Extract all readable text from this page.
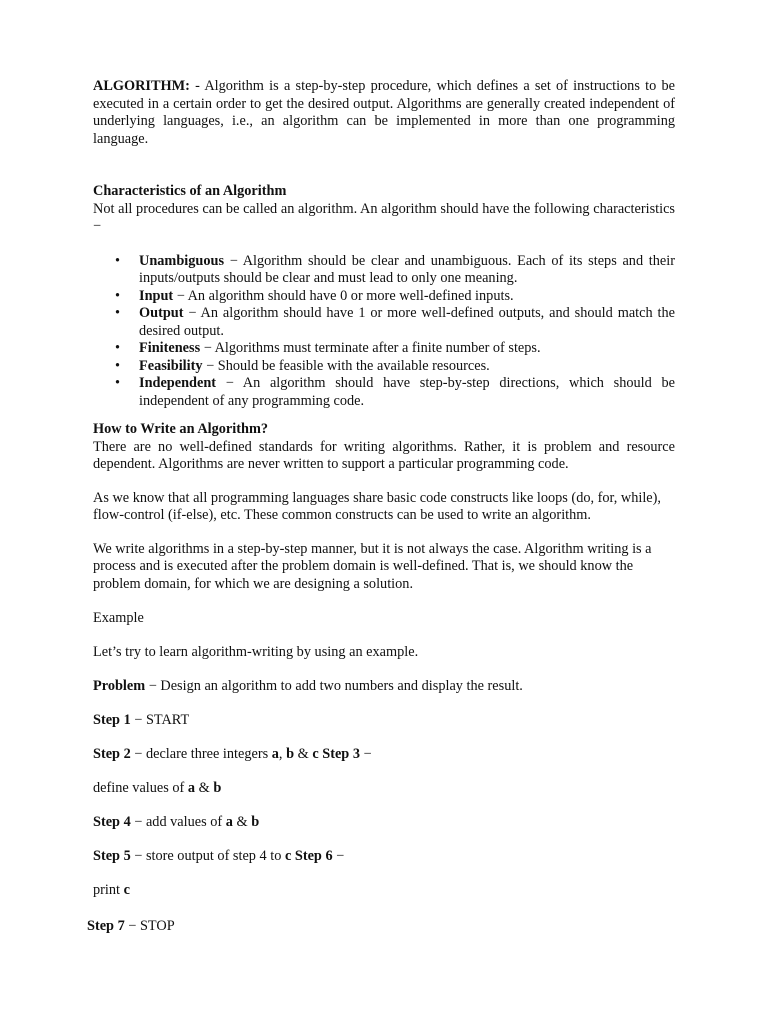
ALGORITHM: - Algorithm is a step-by-step procedure, which defines a set of instructions to be executed in a certain order to get the desired output. Algorithms are generally created independent of underlying languages, i.e., an algorithm can be implemented in more than one programming language.

Characteristics of an Algorithm

Not all procedures can be called an algorithm. An algorithm should have the following characteristics −

• Unambiguous − Algorithm should be clear and unambiguous. Each of its steps and their inputs/outputs should be clear and must lead to only one meaning.
• Input − An algorithm should have 0 or more well-defined inputs.
• Output − An algorithm should have 1 or more well-defined outputs, and should match the desired output.
• Finiteness − Algorithms must terminate after a finite number of steps.
• Feasibility − Should be feasible with the available resources.
• Independent − An algorithm should have step-by-step directions, which should be independent of any programming code.

How to Write an Algorithm?

There are no well-defined standards for writing algorithms. Rather, it is problem and resource dependent. Algorithms are never written to support a particular programming code.

As we know that all programming languages share basic code constructs like loops (do, for, while), flow-control (if-else), etc. These common constructs can be used to write an algorithm.

We write algorithms in a step-by-step manner, but it is not always the case. Algorithm writing is a process and is executed after the problem domain is well-defined. That is, we should know the problem domain, for which we are designing a solution.

Example

Let’s try to learn algorithm-writing by using an example.

Problem − Design an algorithm to add two numbers and display the result.

Step 1 − START

Step 2 − declare three integers a, b & c Step 3 −

define values of a & b

Step 4 − add values of a & b

Step 5 − store output of step 4 to c Step 6 −

print c

Step 7 − STOP
